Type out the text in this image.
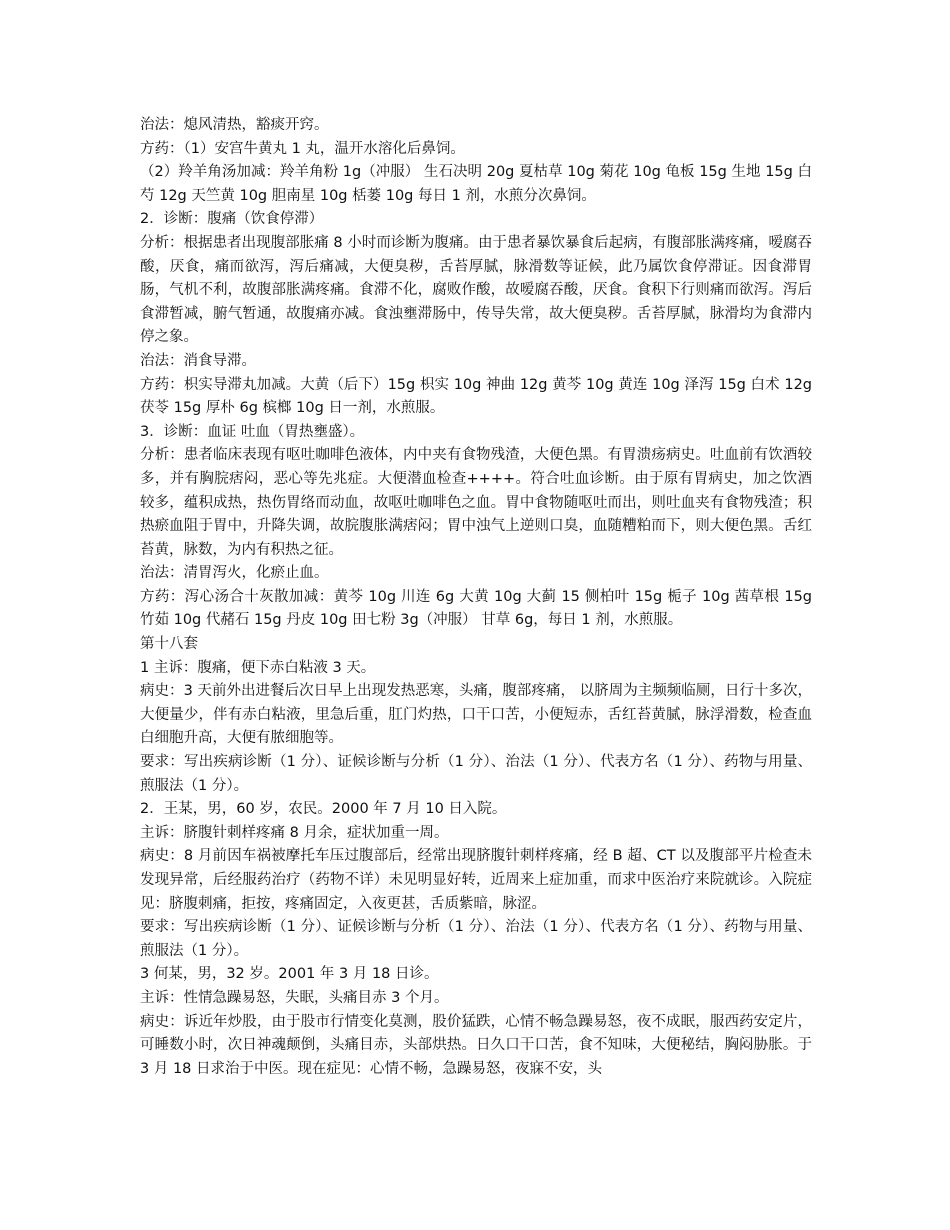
治法：熄风清热，豁痰开窍。

方药：（1）安宫牛黄丸 1 丸，温开水溶化后鼻饲。

（2）羚羊角汤加减：羚羊角粉 1g（冲服） 生石决明 20g 夏枯草 10g 菊花 10g 龟板 15g 生地 15g 白芍 12g 天竺黄 10g 胆南星 10g 栝蒌 10g 每日 1 剂，水煎分次鼻饲。

2．诊断：腹痛（饮食停滞）

分析：根据患者出现腹部胀痛 8 小时而诊断为腹痛。由于患者暴饮暴食后起病，有腹部胀满疼痛，嗳腐吞酸，厌食，痛而欲泻，泻后痛减，大便臭秽，舌苔厚腻，脉滑数等证候，此乃属饮食停滞证。因食滞胃肠，气机不利，故腹部胀满疼痛。食滞不化，腐败作酸，故嗳腐吞酸，厌食。食积下行则痛而欲泻。泻后食滞暂减，腑气暂通，故腹痛亦减。食浊壅滞肠中，传导失常，故大便臭秽。舌苔厚腻，脉滑均为食滞内停之象。

治法：消食导滞。

方药：枳实导滞丸加减。大黄（后下）15g 枳实 10g 神曲 12g 黄芩 10g 黄连 10g 泽泻 15g 白术 12g 茯苓 15g 厚朴 6g 槟榔 10g 日一剂，水煎服。

3．诊断：血证 吐血（胃热壅盛）。

分析：患者临床表现有呕吐咖啡色液体，内中夹有食物残渣，大便色黑。有胃溃疡病史。吐血前有饮酒较多，并有胸脘痞闷，恶心等先兆症。大便潜血检查++++。符合吐血诊断。由于原有胃病史，加之饮酒较多，蕴积成热，热伤胃络而动血，故呕吐咖啡色之血。胃中食物随呕吐而出，则吐血夹有食物残渣；积热瘀血阻于胃中，升降失调，故脘腹胀满痞闷；胃中浊气上逆则口臭，血随糟粕而下，则大便色黑。舌红苔黄，脉数，为内有积热之征。

治法：清胃泻火，化瘀止血。

方药：泻心汤合十灰散加减：黄芩 10g 川连 6g 大黄 10g 大蓟 15 侧柏叶 15g 栀子 10g 茜草根 15g 竹茹 10g 代赭石 15g 丹皮 10g 田七粉 3g（冲服） 甘草 6g，每日 1 剂，水煎服。

第十八套

1 主诉：腹痛，便下赤白粘液 3 天。

病史：3 天前外出进餐后次日早上出现发热恶寒，头痛，腹部疼痛， 以脐周为主频频临厕，日行十多次，大便量少，伴有赤白粘液，里急后重，肛门灼热，口干口苦，小便短赤，舌红苔黄腻，脉浮滑数，检查血白细胞升高，大便有脓细胞等。

要求：写出疾病诊断（1 分）、证候诊断与分析（1 分）、治法（1 分）、代表方名（1 分）、药物与用量、煎服法（1 分）。

2．王某，男，60 岁，农民。2000 年 7 月 10 日入院。

主诉：脐腹针刺样疼痛 8 月余，症状加重一周。

病史：8 月前因车祸被摩托车压过腹部后，经常出现脐腹针刺样疼痛，经 B 超、CT 以及腹部平片检查未发现异常，后经服药治疗（药物不详）未见明显好转，近周来上症加重，而求中医治疗来院就诊。入院症见：脐腹刺痛，拒按，疼痛固定，入夜更甚，舌质紫暗，脉涩。

要求：写出疾病诊断（1 分）、证候诊断与分析（1 分）、治法（1 分）、代表方名（1 分）、药物与用量、煎服法（1 分）。

3 何某，男，32 岁。2001 年 3 月 18 日诊。

主诉：性情急躁易怒，失眠，头痛目赤 3 个月。

病史：诉近年炒股，由于股市行情变化莫测，股价猛跌，心情不畅急躁易怒，夜不成眠，服西药安定片，可睡数小时，次日神魂颠倒，头痛目赤，头部烘热。日久口干口苦，食不知味，大便秘结，胸闷胁胀。于 3 月 18 日求治于中医。现在症见：心情不畅，急躁易怒，夜寐不安，头
